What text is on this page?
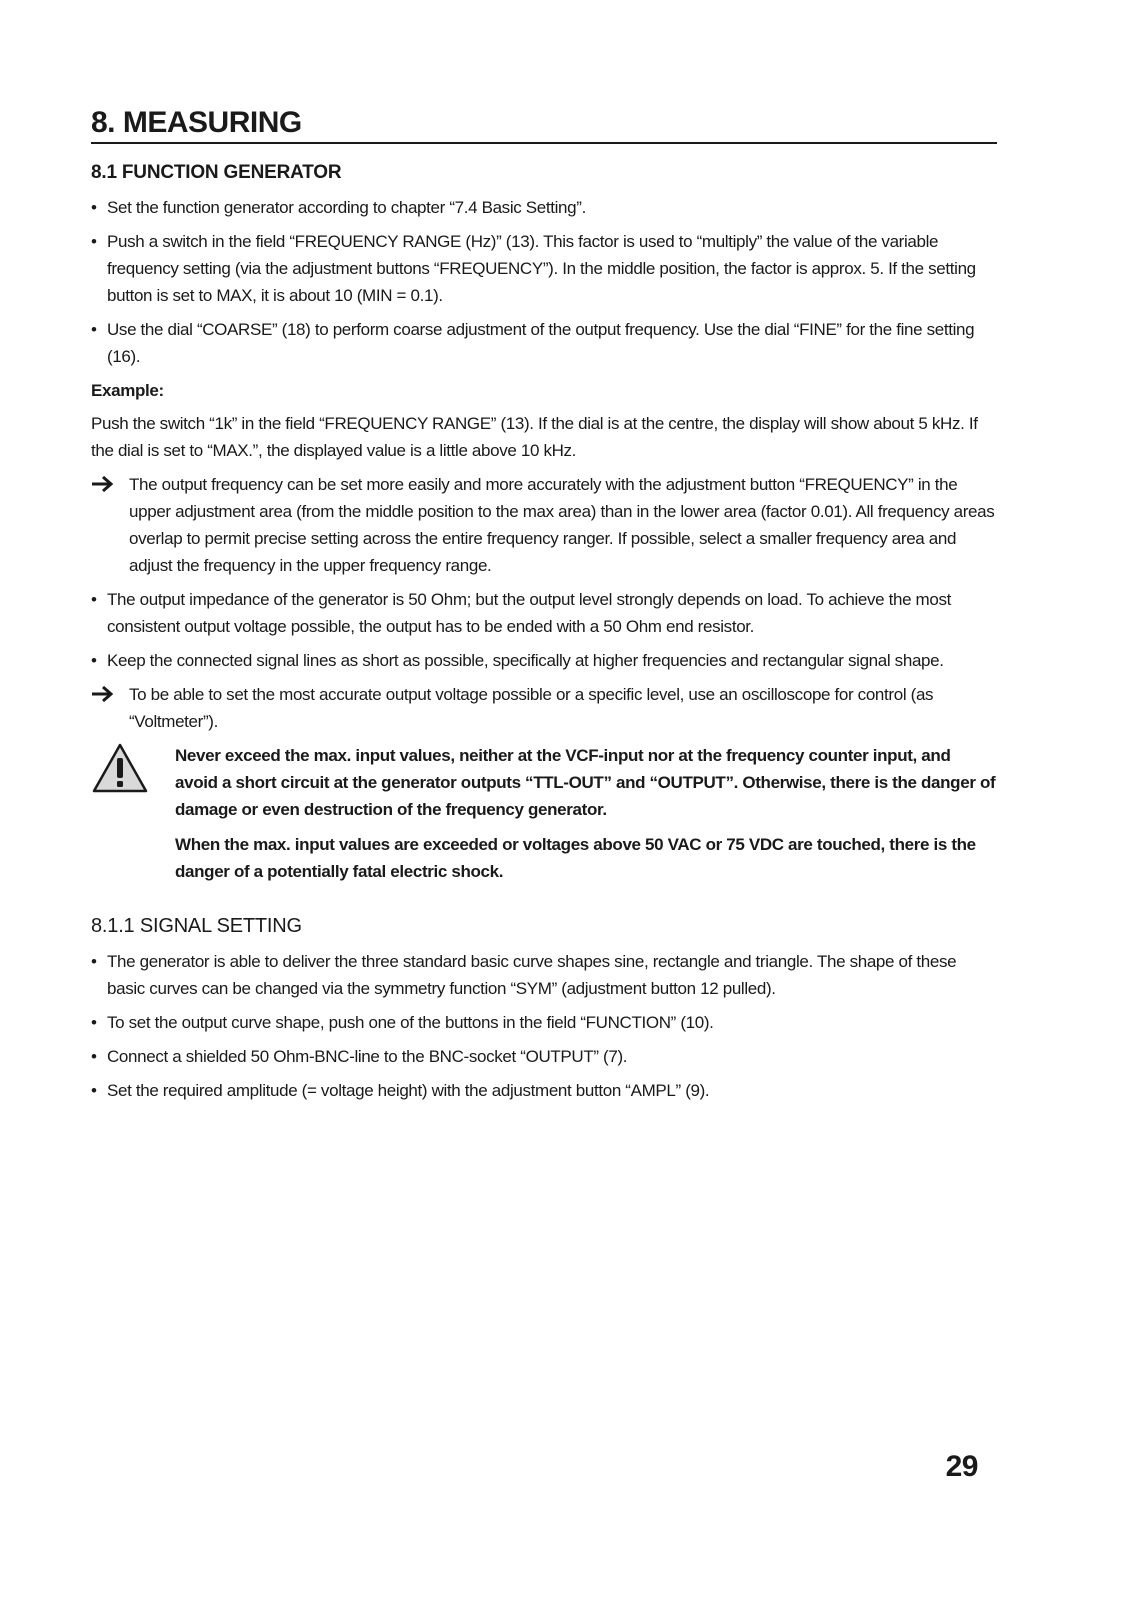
8. MEASURING
8.1 FUNCTION GENERATOR
• Set the function generator according to chapter “7.4 Basic Setting”.
• Push a switch in the field “FREQUENCY RANGE (Hz)” (13). This factor is used to “multiply” the value of the variable frequency setting (via the adjustment buttons “FREQUENCY”). In the middle position, the factor is approx. 5. If the setting button is set to MAX, it is about 10 (MIN = 0.1).
• Use the dial “COARSE” (18) to perform coarse adjustment of the output frequency. Use the dial “FINE” for the fine setting (16).
Example:
Push the switch “1k” in the field “FREQUENCY RANGE” (13). If the dial is at the centre, the display will show about 5 kHz. If the dial is set to “MAX.”, the displayed value is a little above 10 kHz.
The output frequency can be set more easily and more accurately with the adjustment button “FREQUENCY” in the upper adjustment area (from the middle position to the max area) than in the lower area (factor 0.01). All frequency areas overlap to permit precise setting across the entire frequency ranger. If possible, select a smaller frequency area and adjust the frequency in the upper frequency range.
• The output impedance of the generator is 50 Ohm; but the output level strongly depends on load. To achieve the most consistent output voltage possible, the output has to be ended with a 50 Ohm end resistor.
• Keep the connected signal lines as short as possible, specifically at higher frequencies and rectangular signal shape.
To be able to set the most accurate output voltage possible or a specific level, use an oscilloscope for control (as “Voltmeter”).

Never exceed the max. input values, neither at the VCF-input nor at the frequency counter input, and avoid a short circuit at the generator outputs “TTL-OUT” and “OUTPUT”. Otherwise, there is the danger of damage or even destruction of the frequency generator.

When the max. input values are exceeded or voltages above 50 VAC or 75 VDC are touched, there is the danger of a potentially fatal electric shock.

8.1.1 SIGNAL SETTING
• The generator is able to deliver the three standard basic curve shapes sine, rectangle and triangle. The shape of these basic curves can be changed via the symmetry function “SYM” (adjustment button 12 pulled).
• To set the output curve shape, push one of the buttons in the field “FUNCTION” (10).
• Connect a shielded 50 Ohm-BNC-line to the BNC-socket “OUTPUT” (7).
• Set the required amplitude (= voltage height) with the adjustment button “AMPL” (9).
29
